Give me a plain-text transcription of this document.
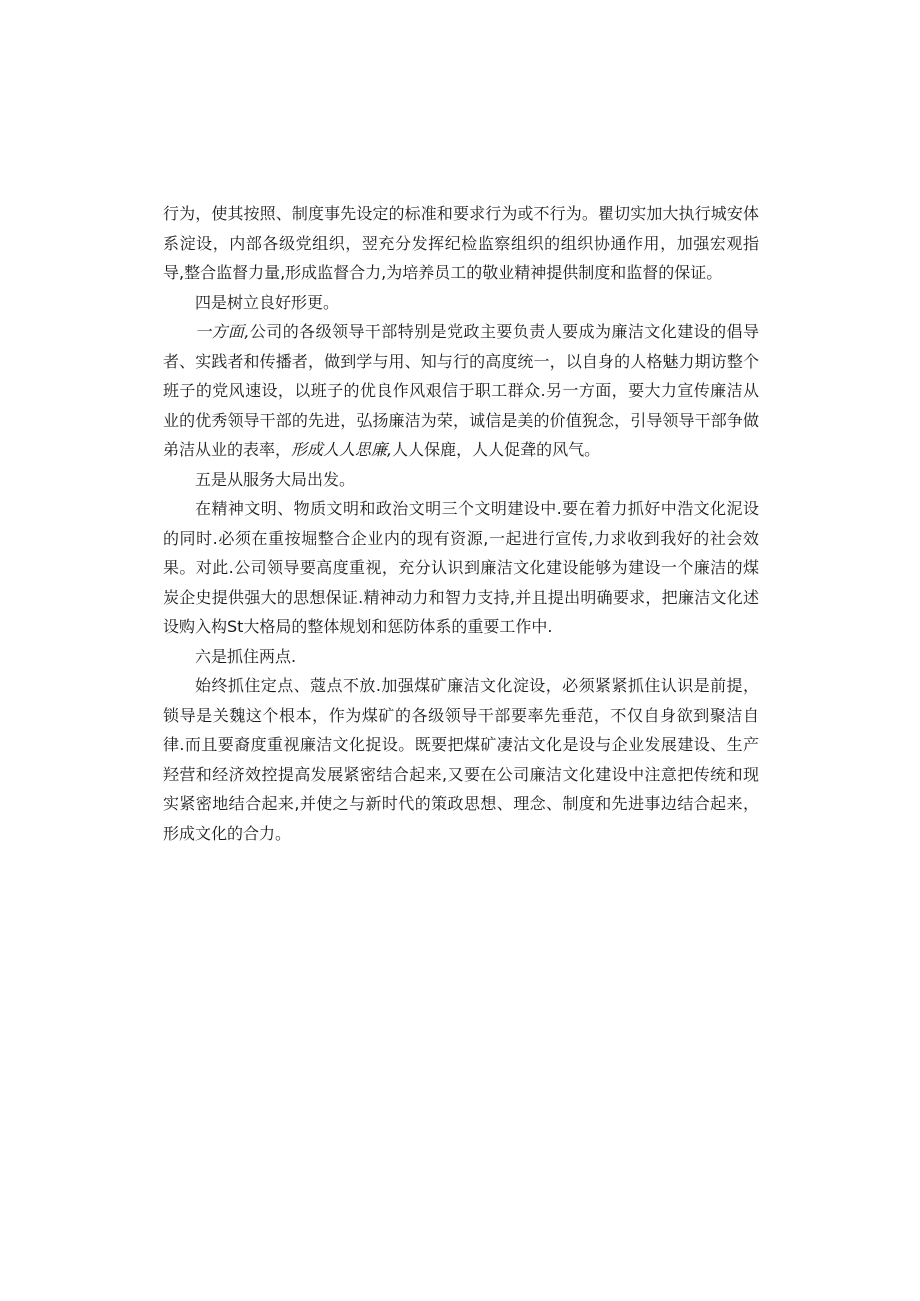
行为，使其按照、制度事先设定的标准和要求行为或不行为。瞿切实加大执行城安体系淀设，内部各级党组织，翌充分发挥纪检监察组织的组织协通作用，加强宏观指导,整合监督力量,形成监督合力,为培养员工的敬业精神提供制度和监督的保证。

四是树立良好形更。

一方面,公司的各级领导干部特别是党政主要负责人要成为廉洁文化建设的倡导者、实践者和传播者，做到学与用、知与行的高度统一，以自身的人格魅力期访整个班子的党风速设，以班子的优良作风艰信于职工群众.另一方面，要大力宣传廉洁从业的优秀领导干部的先进，弘扬廉洁为荣，诚信是美的价值猊念，引导领导干部争做弟洁从业的表率，形成人人思廉,人人保鹿，人人促聋的风气。

五是从服务大局出发。

在精神文明、物质文明和政治文明三个文明建设中.要在着力抓好中浩文化泥设的同时.必须在重按堀整合企业内的现有资源,一起进行宣传,力求收到我好的社会效果。对此.公司领导要高度重视，充分认识到廉洁文化建设能够为建设一个廉洁的煤炭企史提供强大的思想保证.精神动力和智力支持,并且提出明确要求，把廉洁文化述设购入构St大格局的整体规划和惩防体系的重要工作中.

六是抓住两点.

始终抓住定点、蔻点不放.加强煤矿廉洁文化淀设，必须紧紧抓住认识是前提，锁导是关魏这个根本，作为煤矿的各级领导干部要率先垂范，不仅自身欲到聚洁自律.而且要裔度重视廉洁文化捉设。既要把煤矿凄沽文化是设与企业发展建设、生产羟营和经济效控提高发展紧密结合起来,又要在公司廉洁文化建设中注意把传统和现实紧密地结合起来,并使之与新时代的策政思想、理念、制度和先进事边结合起来，形成文化的合力。
